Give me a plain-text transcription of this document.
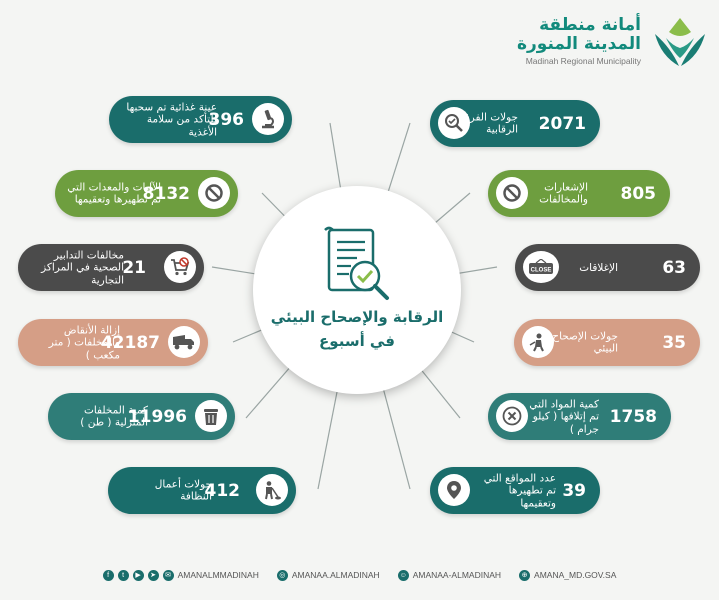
أمانة منطقة
المدينة المنورة
Madinah Regional Municipality
الرقابة والإصحاح البيئي
في أسبوع
جولات الفرق الرقابية 2071
الإشعارات والمخالفات 805
CLOSE	الإغلاقات	63
جولات الإصحاح البيئي	35
كمية المواد التي تم إتلافها ( كيلو جرام )
1758
عدد المواقع التي تم تطهيرها وتعقيمها
39
عينة غذائية تم سحبها للتأكد من سلامة الأغذية
396
الآليات والمعدات التي تم تطهيرها وتعقيمها
8132
مخالفات التدابير الصحية في المراكز التجارية
21
إزالة الأنقاض والمخلفات ( متر مكعب )
42187
كمية المخلفات المنزلية ( طن )
11996
جولات أعمال النظافة
412
f	t	▶	➤	✉ AMANALMMADINAH	◎ AMANAA.ALMADINAH	☺ AMANAA-ALMADINAH	⊕ AMANA_MD.GOV.SA
